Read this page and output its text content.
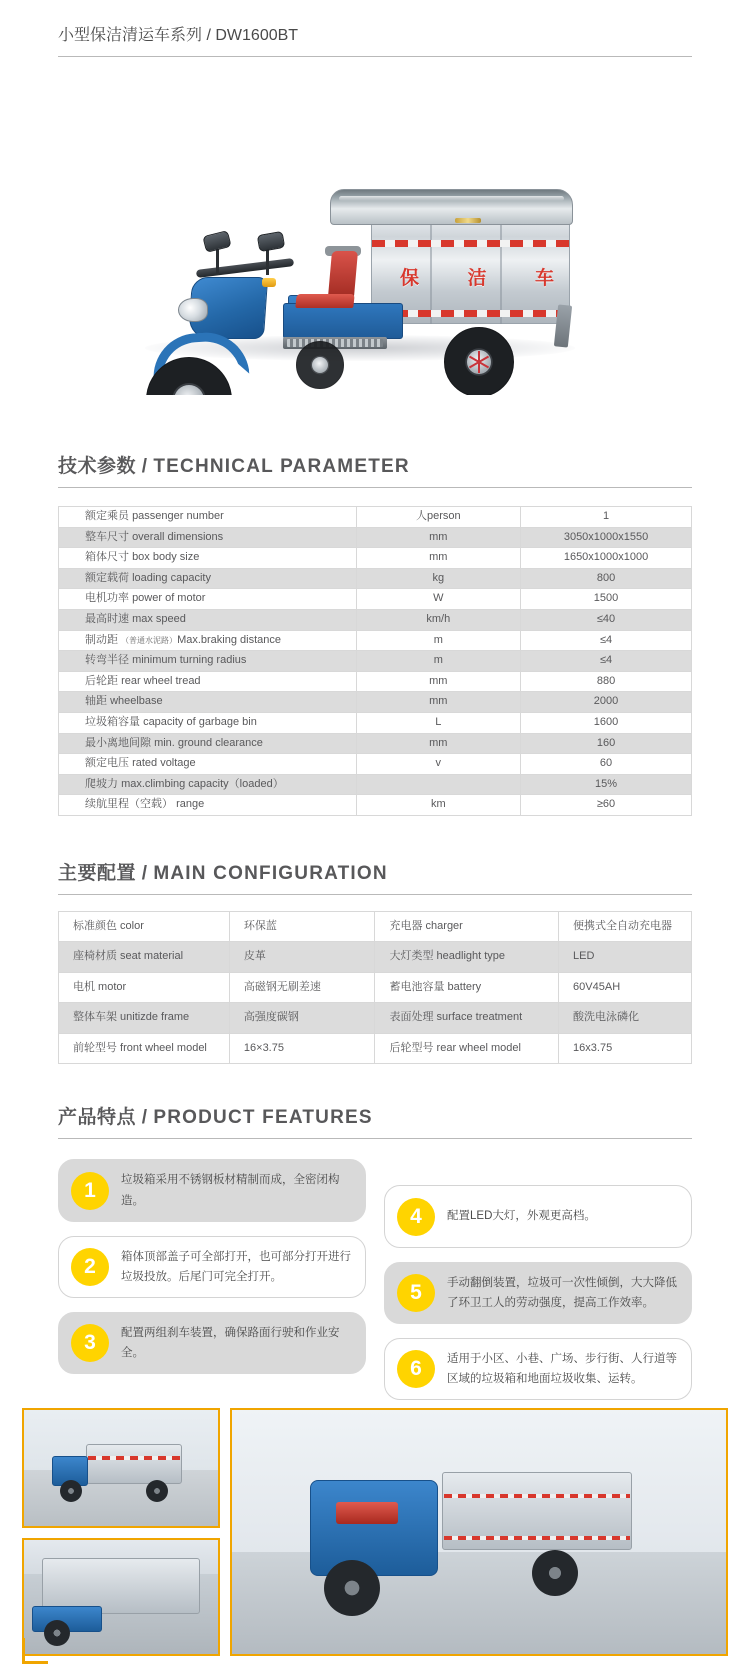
小型保洁清运车系列 / DW1600BT
保 洁 车
技术参数 / TECHNICAL PARAMETER
额定乘员 passenger number	人person	1
整车尺寸 overall dimensions	mm	3050x1000x1550
箱体尺寸 box body size	mm	1650x1000x1000
额定载荷 loading capacity	kg	800
电机功率 power of motor	W	1500
最高时速 max speed	km/h	≤40
制动距 （普通水泥路）Max.braking distance	m	≤4
转弯半径 minimum turning radius	m	≤4
后轮距 rear wheel tread	mm	880
轴距 wheelbase	mm	2000
垃圾箱容量 capacity of garbage bin	L	1600
最小离地间隙 min. ground clearance	mm	160
额定电压 rated voltage	v	60
爬坡力 max.climbing capacity（loaded）		15%
续航里程（空载） range	km	≥60
主要配置 / MAIN CONFIGURATION
标准颜色 color	环保蓝	充电器 charger	便携式全自动充电器
座椅材质 seat material	皮革	大灯类型 headlight type	LED
电机 motor	高磁钢无刷差速	蓄电池容量 battery	60V45AH
整体车架 unitizde frame	高强度碳钢	表面处理 surface treatment	酸洗电泳磷化
前轮型号 front wheel model	16×3.75	后轮型号 rear wheel model	16x3.75
产品特点 / PRODUCT FEATURES
1	垃圾箱采用不锈钢板材精制而成，全密闭构造。
4	配置LED大灯，外观更高档。
2	箱体顶部盖子可全部打开，也可部分打开进行垃圾投放。后尾门可完全打开。
5	手动翻倒装置，垃圾可一次性倾倒，大大降低了环卫工人的劳动强度，提高工作效率。
3	配置两组刹车装置，确保路面行驶和作业安全。
6	适用于小区、小巷、广场、步行街、人行道等区域的垃圾箱和地面垃圾收集、运转。
